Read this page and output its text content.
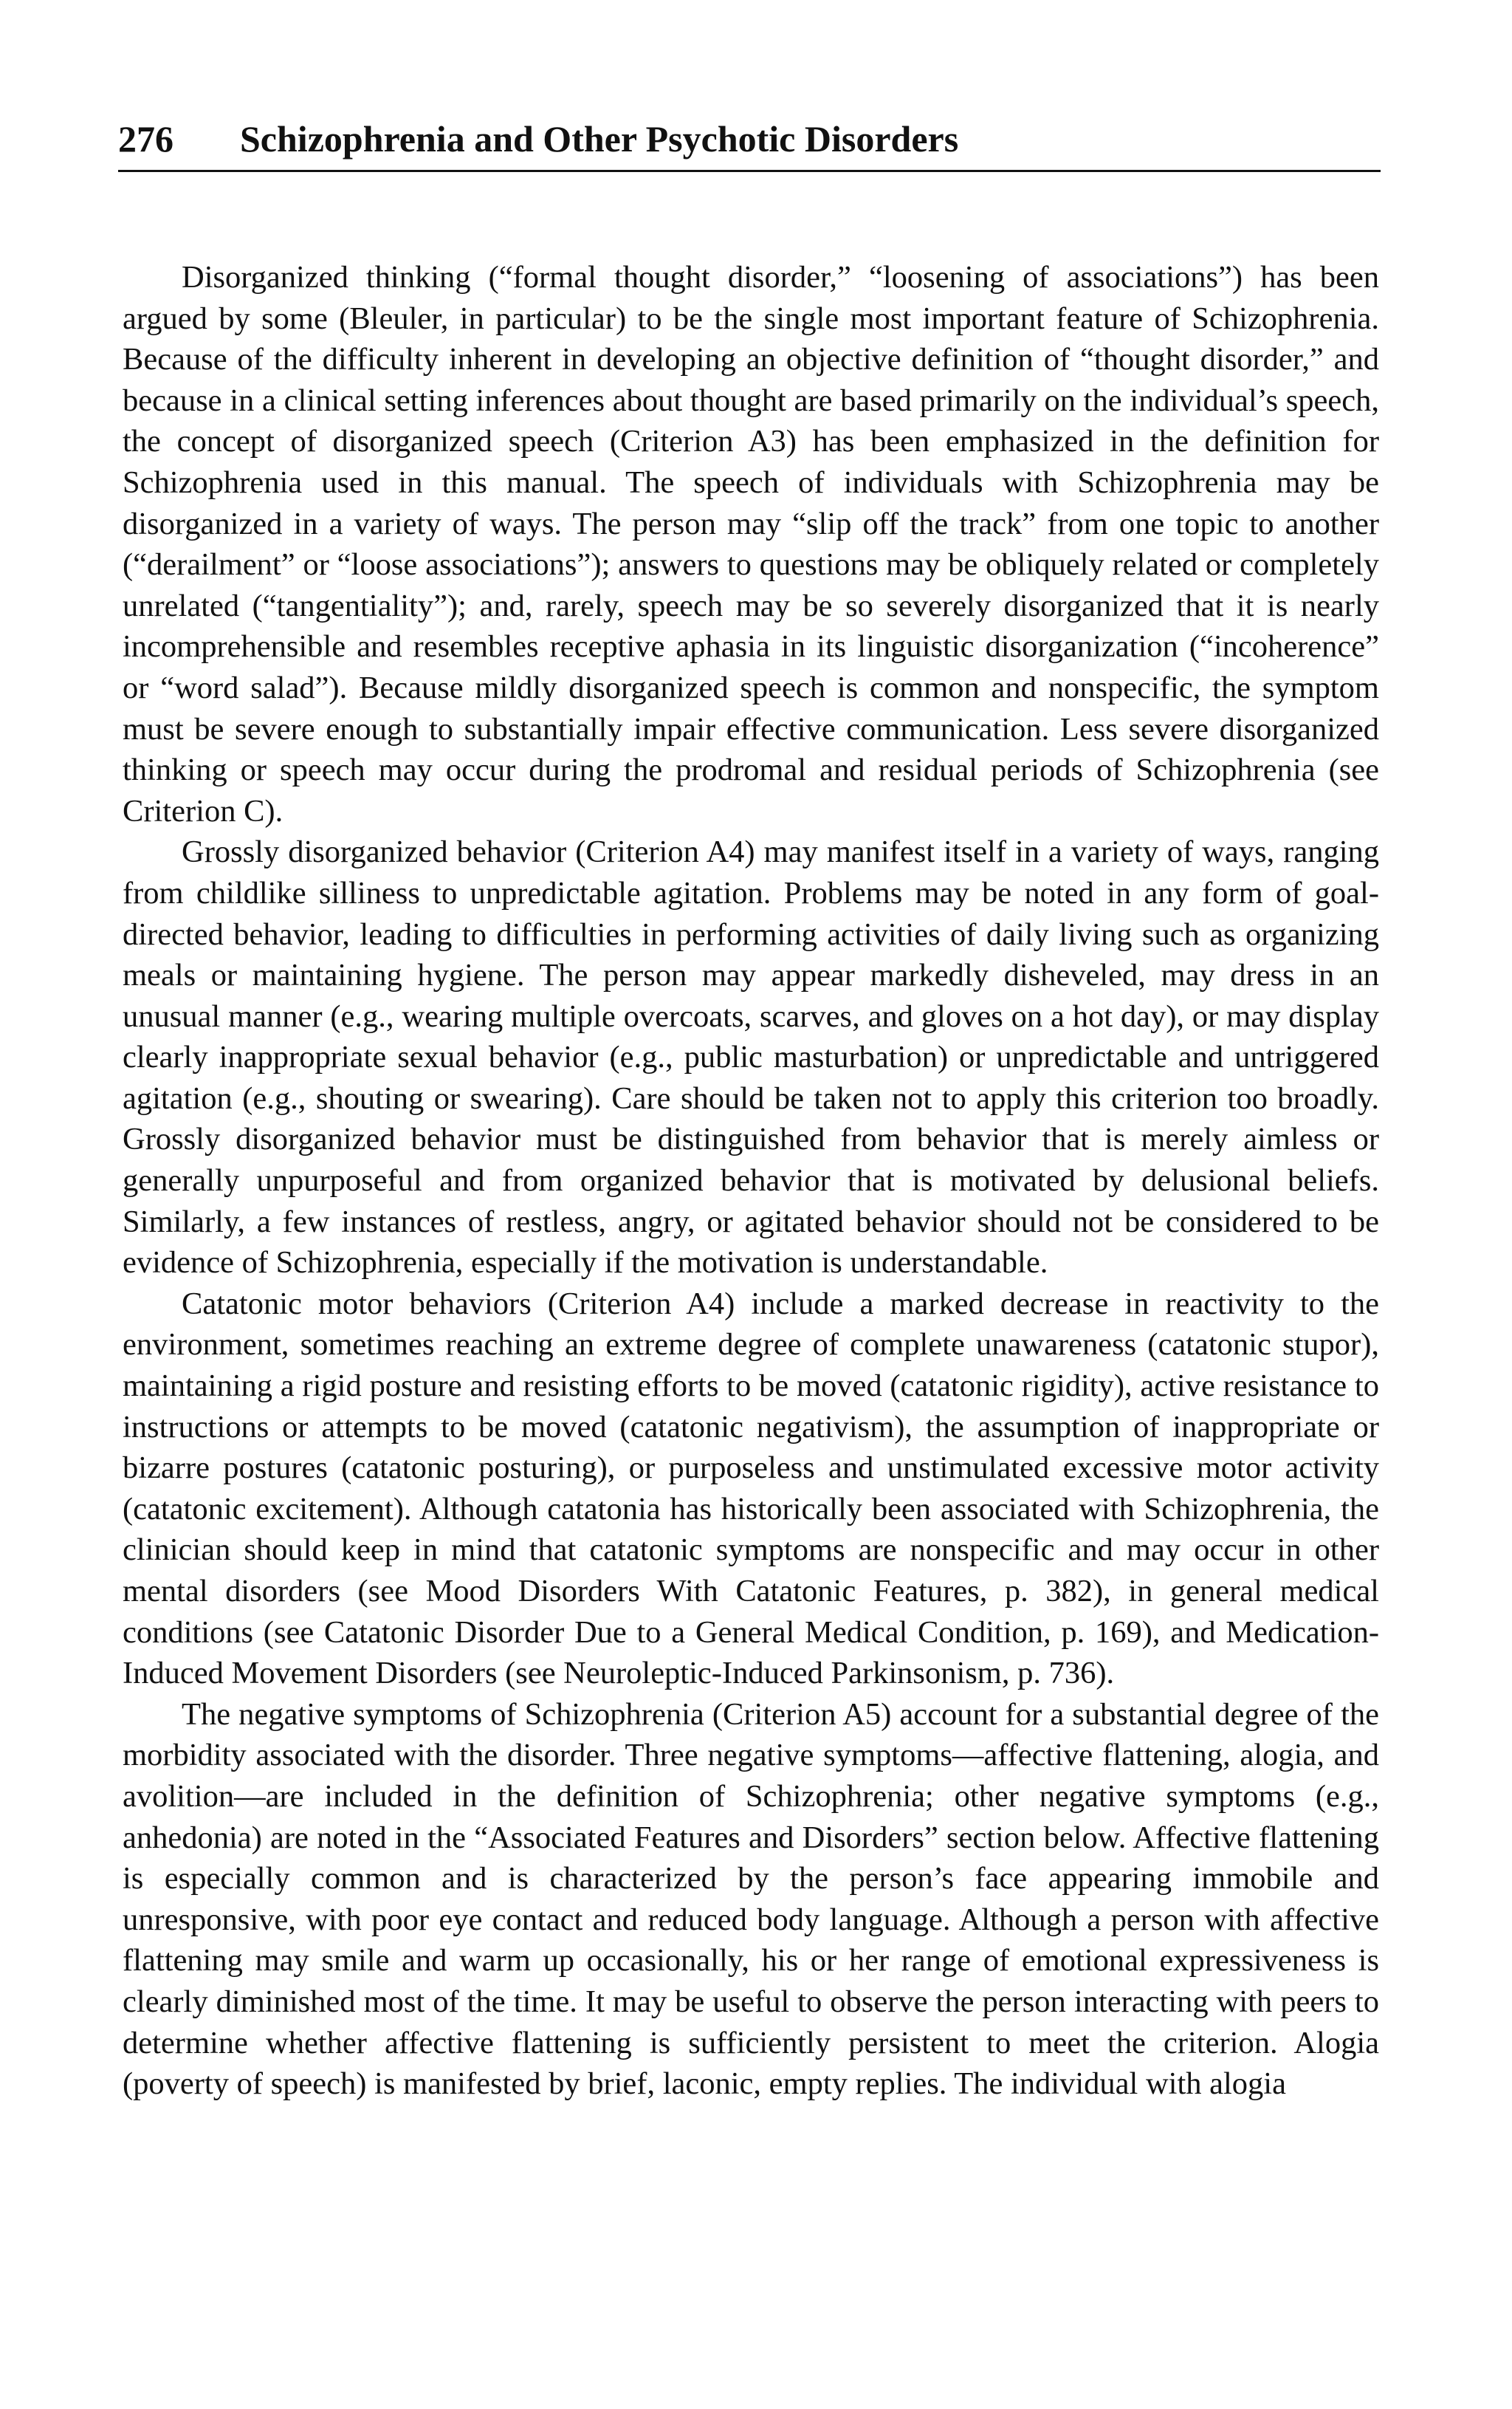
276 Schizophrenia and Other Psychotic Disorders

Disorganized thinking (“formal thought disorder,” “loosening of associations”) has been argued by some (Bleuler, in particular) to be the single most important feature of Schizophrenia. Because of the difficulty inherent in developing an objective definition of “thought disorder,” and because in a clinical setting inferences about thought are based primarily on the individual’s speech, the concept of disorganized speech (Criterion A3) has been emphasized in the definition for Schizophrenia used in this manual. The speech of individuals with Schizophrenia may be disorganized in a variety of ways. The person may “slip off the track” from one topic to another (“derailment” or “loose associations”); answers to questions may be obliquely related or completely unrelated (“tangentiality”); and, rarely, speech may be so severely disorganized that it is nearly incomprehensible and resembles receptive aphasia in its linguistic disorganization (“incoherence” or “word salad”). Because mildly disorganized speech is common and nonspecific, the symptom must be severe enough to substantially impair effective communication. Less severe disorganized thinking or speech may occur during the prodromal and residual periods of Schizophrenia (see Criterion C).

Grossly disorganized behavior (Criterion A4) may manifest itself in a variety of ways, ranging from childlike silliness to unpredictable agitation. Problems may be noted in any form of goal-directed behavior, leading to difficulties in performing activities of daily living such as organizing meals or maintaining hygiene. The person may appear markedly disheveled, may dress in an unusual manner (e.g., wearing multiple overcoats, scarves, and gloves on a hot day), or may display clearly inappropriate sexual behavior (e.g., public masturbation) or unpredictable and untriggered agitation (e.g., shouting or swearing). Care should be taken not to apply this criterion too broadly. Grossly disorganized behavior must be distinguished from behavior that is merely aimless or generally unpurposeful and from organized behavior that is motivated by delusional beliefs. Similarly, a few instances of restless, angry, or agitated behavior should not be considered to be evidence of Schizophrenia, especially if the motivation is understandable.

Catatonic motor behaviors (Criterion A4) include a marked decrease in reactivity to the environment, sometimes reaching an extreme degree of complete unawareness (catatonic stupor), maintaining a rigid posture and resisting efforts to be moved (catatonic rigidity), active resistance to instructions or attempts to be moved (catatonic negativism), the assumption of inappropriate or bizarre postures (catatonic posturing), or purposeless and unstimulated excessive motor activity (catatonic excitement). Although catatonia has historically been associated with Schizophrenia, the clinician should keep in mind that catatonic symptoms are nonspecific and may occur in other mental disorders (see Mood Disorders With Catatonic Features, p. 382), in general medical conditions (see Catatonic Disorder Due to a General Medical Condition, p. 169), and Medication-Induced Movement Disorders (see Neuroleptic-Induced Parkinsonism, p. 736).

The negative symptoms of Schizophrenia (Criterion A5) account for a substantial degree of the morbidity associated with the disorder. Three negative symptoms—affective flattening, alogia, and avolition—are included in the definition of Schizophrenia; other negative symptoms (e.g., anhedonia) are noted in the “Associated Features and Disorders” section below. Affective flattening is especially common and is characterized by the person’s face appearing immobile and unresponsive, with poor eye contact and reduced body language. Although a person with affective flattening may smile and warm up occasionally, his or her range of emotional expressiveness is clearly diminished most of the time. It may be useful to observe the person interacting with peers to determine whether affective flattening is sufficiently persistent to meet the criterion. Alogia (poverty of speech) is manifested by brief, laconic, empty replies. The individual with alogia
